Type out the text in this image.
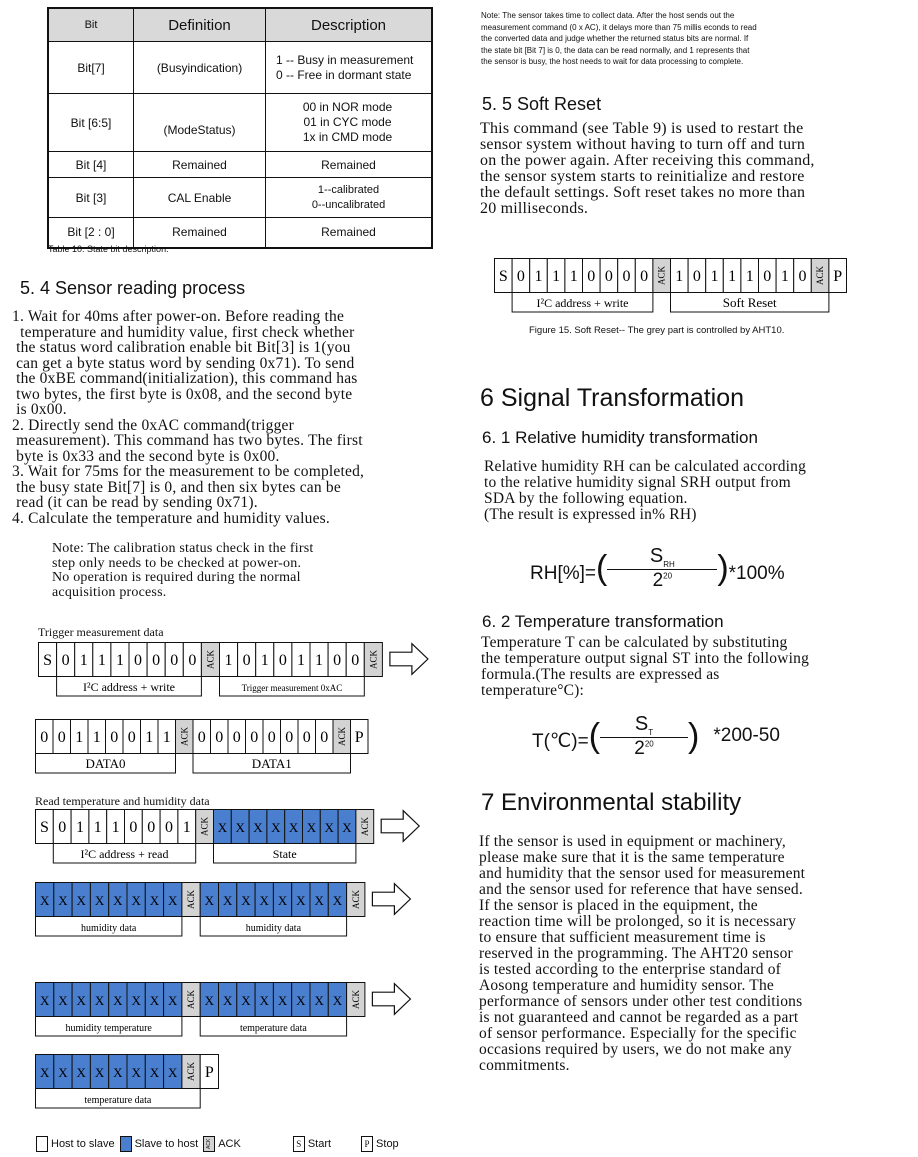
Bit	Definition	Description
Bit[7]	(Busyindication)	1 -- Busy in measurement
0 -- Free in dormant state

Bit [6:5]	(ModeStatus)	00 in NOR mode
01 in CYC mode
1x in CMD mode

Bit [4]	Remained	Remained
Bit [3]	CAL Enable	1--calibrated
0--uncalibrated

Bit [2 : 0]	Remained	Remained
Table 10. State bit description.
5. 4 Sensor reading process
1. Wait for 40ms after power-on. Before reading the
temperature and humidity value, first check whether
the status word calibration enable bit Bit[3] is 1(you
can get a byte status word by sending 0x71). To send
the 0xBE command(initialization), this command has
two bytes, the first byte is 0x08, and the second byte
is 0x00.
2. Directly send the 0xAC command(trigger
measurement). This command has two bytes. The first
byte is 0x33 and the second byte is 0x00.
3. Wait for 75ms for the measurement to be completed,
the busy state Bit[7] is 0, and then six bytes can be
read (it can be read by sending 0x71).
4. Calculate the temperature and humidity values.
Note: The calibration status check in the first
step only needs to be checked at power-on.
No operation is required during the normal
acquisition process.
Trigger measurement data
Read temperature and humidity data
S 0 1 1 1 0 0 0 0 ACK 1 0 1 0 1 1 0 0 ACK
I²C address + write	Trigger measurement 0xAC
0 0 1 1 0 0 1 1 ACK 0 0 0 0 0 0 0 0 ACK P
DATA0	DATA1
S 0 1 1 1 0 0 0 1 ACK X X X X X X X X ACK
I²C address + read	State
X X X X X X X X ACK X X X X X X X X ACK
humidity data	humidity data
X X X X X X X X ACK X X X X X X X X ACK
humidity temperature	temperature data
X X X X X X X X ACK P
temperature data
S 0 1 1 1 0 0 0 0 ACK 1 0 1 1 1 0 1 0 ACK P
I²C address + write	Soft Reset
Host to slave Slave to host	ACK ACK	S Start	P Stop
Note: The sensor takes time to collect data. After the host sends out the
measurement command (0 x AC), it delays more than 75 millis econds to read
the converted data and judge whether the returned status bits are normal. If
the state bit [Bit 7] is 0, the data can be read normally, and 1 represents that
the sensor is busy, the host needs to wait for data processing to complete.
5. 5 Soft Reset
This command (see Table 9) is used to restart the
sensor system without having to turn off and turn
on the power again. After receiving this command,
the sensor system starts to reinitialize and restore
the default settings. Soft reset takes no more than
20 milliseconds.
Figure 15. Soft Reset-- The grey part is controlled by AHT10.
6 Signal Transformation
6. 1 Relative humidity transformation
Relative humidity RH can be calculated according
to the relative humidity signal SRH output from
SDA by the following equation.
(The result is expressed in% RH)
RH[%]=(	$S_{RH}$
$2^{20}$ )*100%
6. 2 Temperature transformation
Temperature T can be calculated by substituting
the temperature output signal ST into the following
formula.(The results are expressed as
temperature°C):
T(℃)=( $\frac{S_T}{2^{20}}$ ) *200-50
7 Environmental stability
If the sensor is used in equipment or machinery,
please make sure that it is the same temperature
and humidity that the sensor used for measurement
and the sensor used for reference that have sensed.
If the sensor is placed in the equipment, the
reaction time will be prolonged, so it is necessary
to ensure that sufficient measurement time is
reserved in the programming. The AHT20 sensor
is tested according to the enterprise standard of
Aosong temperature and humidity sensor. The
performance of sensors under other test conditions
is not guaranteed and cannot be regarded as a part
of sensor performance. Especially for the specific
occasions required by users, we do not make any
commitments.
